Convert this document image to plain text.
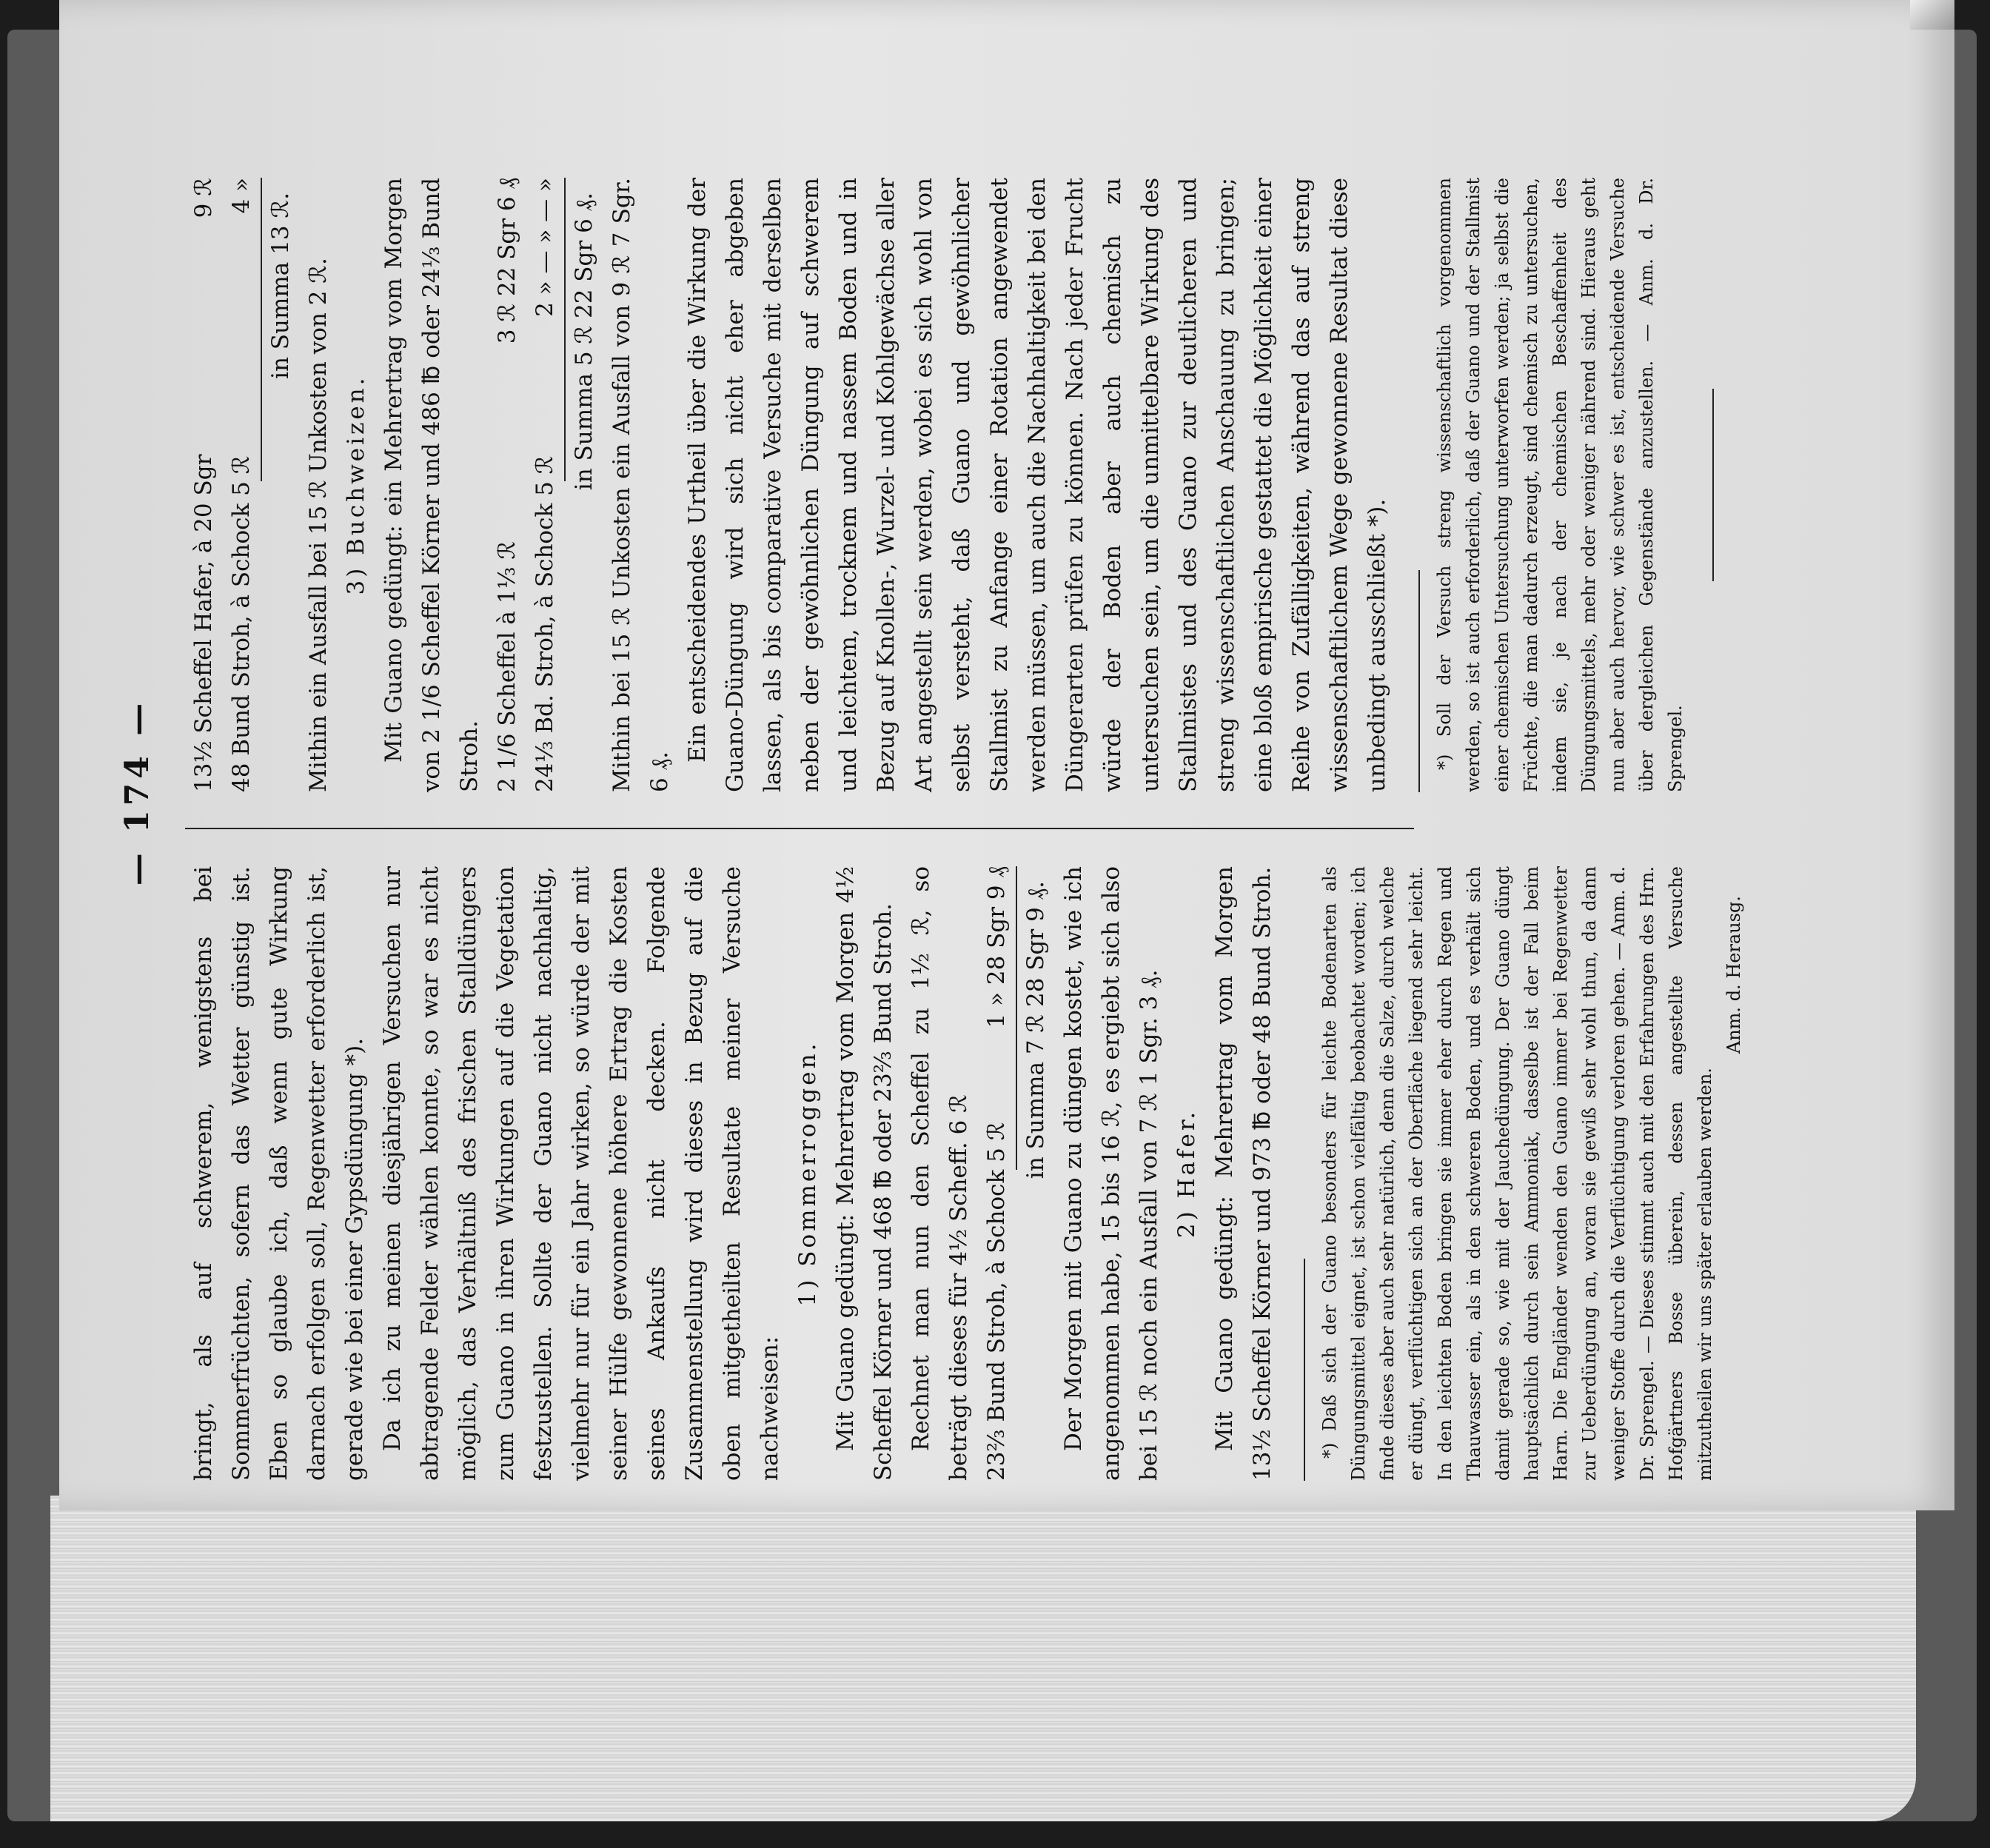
— 174 —

bringt, als auf schwerem, wenigstens bei Sommerfrüchten, sofern das Wetter günstig ist. Eben so glaube ich, daß wenn gute Wirkung darnach erfolgen soll, Regenwetter erforderlich ist, gerade wie bei einer Gypsdüngung *). Da ich zu meinen diesjährigen Versuchen nur abtragende Felder wählen konnte, so war es nicht möglich, das Verhältniß des frischen Stalldüngers zum Guano in ihren Wirkungen auf die Vegetation festzustellen. Sollte der Guano nicht nachhaltig, vielmehr nur für ein Jahr wirken, so würde der mit seiner Hülfe gewonnene höhere Ertrag die Kosten seines Ankaufs nicht decken. Folgende Zusammenstellung wird dieses in Bezug auf die oben mitgetheilten Resultate meiner Versuche nachweisen:

1) Sommerroggen. Mit Guano gedüngt: Mehrertrag vom Morgen 4½ Scheffel Körner und 468 ℔ oder 23⅔ Bund Stroh. Rechnet man nun den Scheffel zu 1½ ℛ, so beträgt dieses für 4½ Scheff. 6 ℛ 23⅔ Bund Stroh, à Schock 5 ℛ
1 » 28 Sgr 9 ₰ in Summa 7 ℛ 28 Sgr 9 ₰. Der Morgen mit Guano zu düngen kostet, wie ich angenommen habe, 15 bis 16 ℛ, es ergiebt sich also bei 15 ℛ noch ein Ausfall von 7 ℛ 1 Sgr. 3 ₰. 2) Hafer. Mit Guano gedüngt: Mehrertrag vom Morgen 13½ Scheffel Körner und 973 ℔ oder 48 Bund Stroh.	*) Daß sich der Guano besonders für leichte Bodenarten als Düngungsmittel eignet, ist schon vielfältig beobachtet worden; ich finde dieses aber auch sehr natürlich, denn die Salze, durch welche er düngt, verflüchtigen sich an der Oberfläche liegend sehr leicht. In den leichten Boden bringen sie immer eher durch Regen und Thauwasser ein, als in den schweren Boden, und es verhält sich damit gerade so, wie mit der Jauchedüngung. Der Guano düngt hauptsächlich durch sein Ammoniak, dasselbe ist der Fall beim Harn. Die Engländer wenden den Guano immer bei Regenwetter zur Ueberdüngung an, woran sie gewiß sehr wohl thun, da dann weniger Stoffe durch die Verflüchtigung verloren gehen. — Anm. d. Dr. Sprengel. — Dieses stimmt auch mit den Erfahrungen des Hrn. Hofgärtners Bosse überein, dessen angestellte Versuche mitzutheilen wir uns später erlauben werden.

Anm. d. Herausg.

13½ Scheffel Hafer, à 20 Sgr
9 ℛ
48 Bund Stroh, à Schock 5 ℛ
4 » in Summa 13 ℛ. Mithin ein Ausfall bei 15 ℛ Unkosten von 2 ℛ. 3) Buchweizen. Mit Guano gedüngt: ein Mehrertrag vom Morgen von 2 1/6 Scheffel Körner und 486 ℔ oder 24⅓ Bund Stroh. 2 1/6 Scheffel à 1⅓ ℛ
3 ℛ 22 Sgr 6 ₰
24⅓ Bd. Stroh, à Schock 5 ℛ
2 » — » — » in Summa 5 ℛ 22 Sgr 6 ₰. Mithin bei 15 ℛ Unkosten ein Ausfall von 9 ℛ 7 Sgr. 6 ₰.

Ein entscheidendes Urtheil über die Wirkung der Guano-Düngung wird sich nicht eher abgeben lassen, als bis comparative Versuche mit derselben neben der gewöhnlichen Düngung auf schwerem und leichtem, trocknem und nassem Boden und in Bezug auf Knollen-, Wurzel- und Kohlgewächse aller Art angestellt sein werden, wobei es sich wohl von selbst versteht, daß Guano und gewöhnlicher Stallmist zu Anfange einer Rotation angewendet werden müssen, um auch die Nachhaltigkeit bei den Düngerarten prüfen zu können. Nach jeder Frucht würde der Boden aber auch chemisch zu untersuchen sein, um die unmittelbare Wirkung des Stallmistes und des Guano zur deutlicheren und streng wissenschaftlichen Anschauung zu bringen; eine bloß empirische gestattet die Möglichkeit einer Reihe von Zufälligkeiten, während das auf streng wissenschaftlichem Wege gewonnene Resultat diese unbedingt ausschließt *).	*) Soll der Versuch streng wissenschaftlich vorgenommen werden, so ist auch erforderlich, daß der Guano und der Stallmist einer chemischen Untersuchung unterworfen werden; ja selbst die Früchte, die man dadurch erzeugt, sind chemisch zu untersuchen, indem sie, je nach der chemischen Beschaffenheit des Düngungsmittels, mehr oder weniger nährend sind. Hieraus geht nun aber auch hervor, wie schwer es ist, entscheidende Versuche über dergleichen Gegenstände anzustellen. — Anm. d. Dr. Sprengel.
